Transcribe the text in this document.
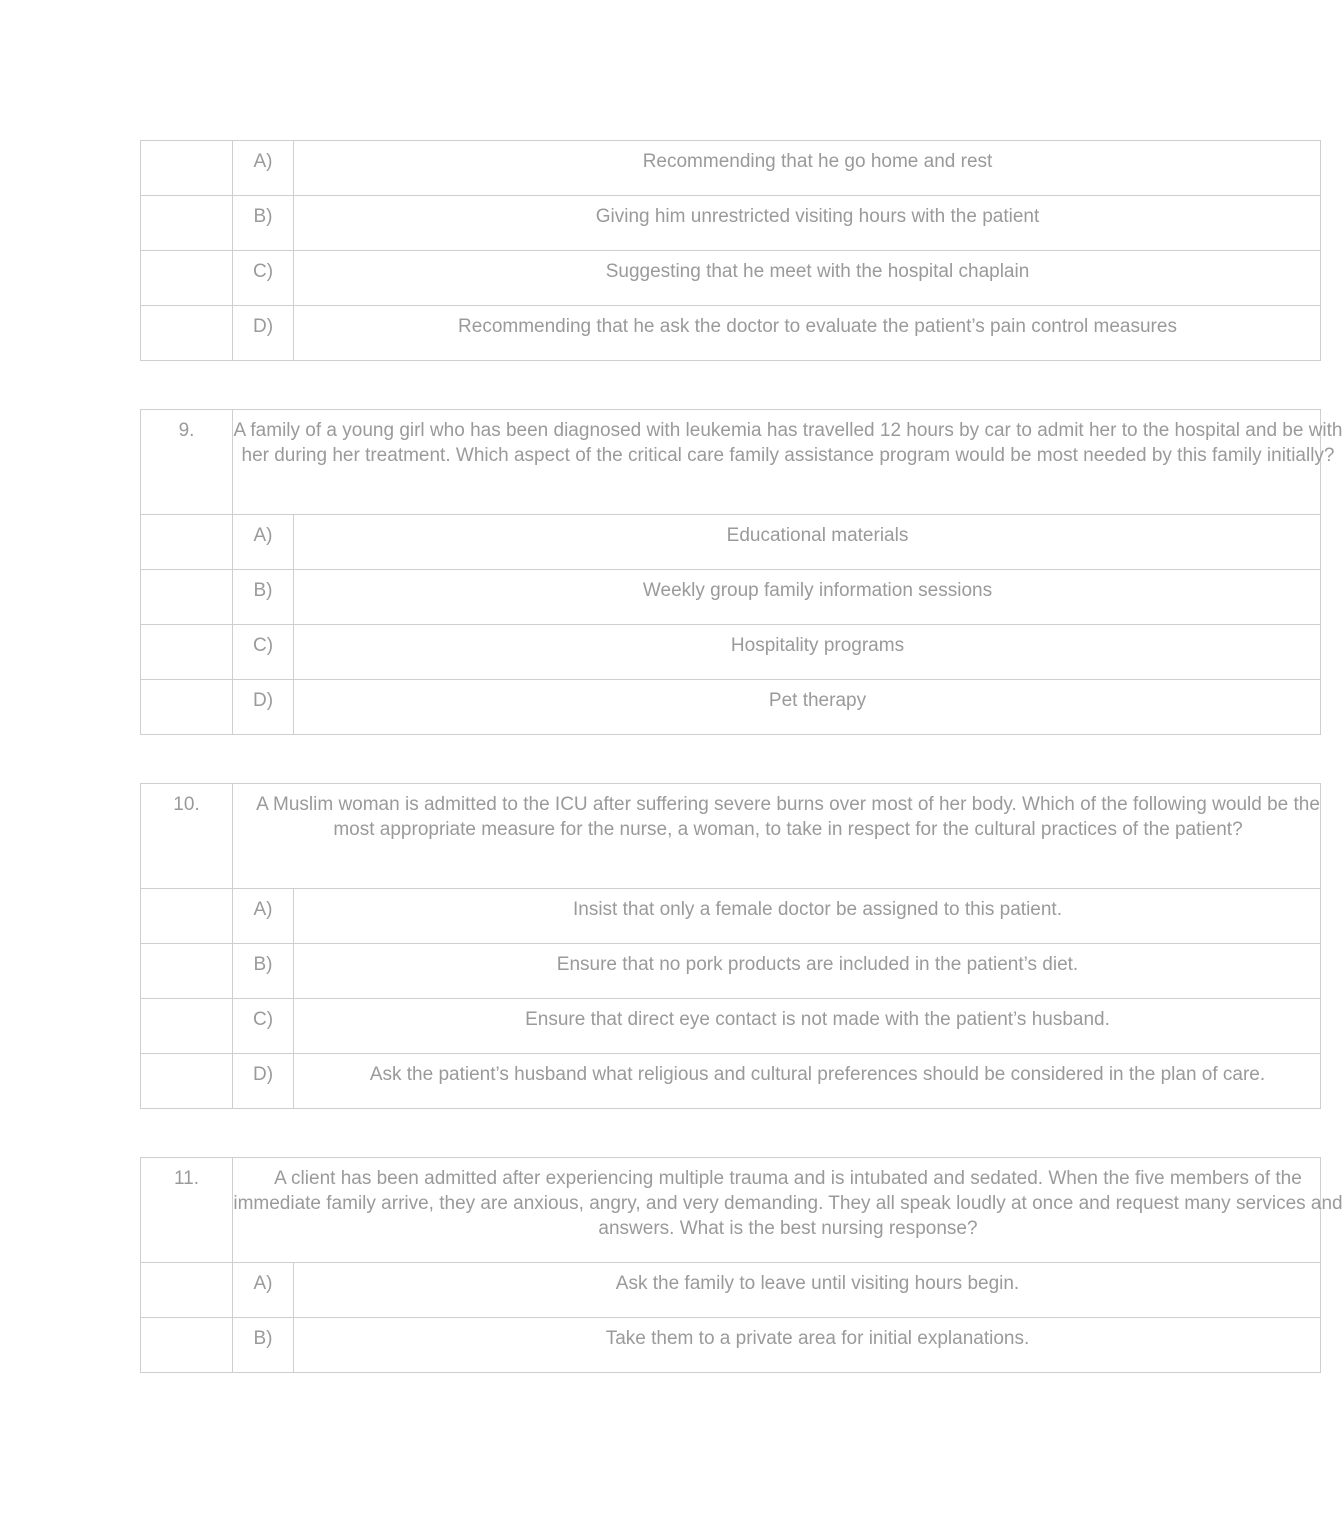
	A)	Recommending that he go home and rest

	B)	Giving him unrestricted visiting hours with the patient

	C)	Suggesting that he meet with the hospital chaplain

	D)	Recommending that he ask the doctor to evaluate the patient’s pain control measures
9.	A family of a young girl who has been diagnosed with leukemia has travelled 12 hours by car to admit her to the hospital and be with her during her treatment. Which aspect of the critical care family assistance program would be most needed by this family initially?	

	A)	Educational materials

	B)	Weekly group family information sessions

	C)	Hospitality programs

	D)	Pet therapy
10.	A Muslim woman is admitted to the ICU after suffering severe burns over most of her body. Which of the following would be the most appropriate measure for the nurse, a woman, to take in respect for the cultural practices of the patient?	

	A)	Insist that only a female doctor be assigned to this patient.

	B)	Ensure that no pork products are included in the patient’s diet.

	C)	Ensure that direct eye contact is not made with the patient’s husband.

	D)	Ask the patient’s husband what religious and cultural preferences should be considered in the plan of care.
11.	A client has been admitted after experiencing multiple trauma and is intubated and sedated. When the five members of the immediate family arrive, they are anxious, angry, and very demanding. They all speak loudly at once and request many services and answers. What is the best nursing response?	

	A)	Ask the family to leave until visiting hours begin.

	B)	Take them to a private area for initial explanations.
